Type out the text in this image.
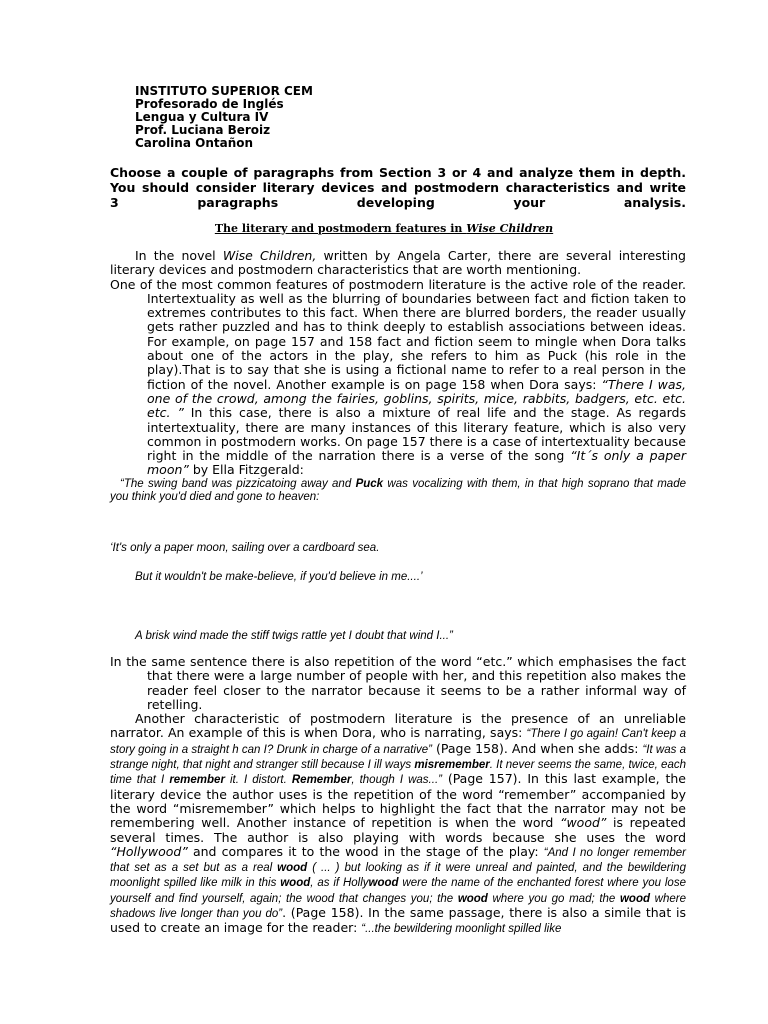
INSTITUTO SUPERIOR CEM
Profesorado de Inglés
Lengua y Cultura IV
Prof. Luciana Beroiz
Carolina Ontañon
Choose a couple of paragraphs from Section 3 or 4 and analyze them in depth. You should consider literary devices and postmodern characteristics and write
3	paragraphs	developing	your	analysis.
The literary and postmodern features in Wise Children
In the novel Wise Children, written by Angela Carter, there are several interesting literary devices and postmodern characteristics that are worth mentioning.
One of the most common features of postmodern literature is the active role of the reader. Intertextuality as well as the blurring of boundaries between fact and fiction taken to extremes contributes to this fact. When there are blurred borders, the reader usually gets rather puzzled and has to think deeply to establish associations between ideas. For example, on page 157 and 158 fact and fiction seem to mingle when Dora talks about one of the actors in the play, she refers to him as Puck (his role in the play).That is to say that she is using a fictional name to refer to a real person in the fiction of the novel. Another example is on page 158 when Dora says: “There I was, one of the crowd, among the fairies, goblins, spirits, mice, rabbits, badgers, etc. etc. etc. ” In this case, there is also a mixture of real life and the stage. As regards intertextuality, there are many instances of this literary feature, which is also very common in postmodern works. On page 157 there is a case of intertextuality because right in the middle of the narration there is a verse of the song “It´s only a paper moon” by Ella Fitzgerald:
“The swing band was pizzicatoing away and Puck was vocalizing with them, in that high soprano that made you think you'd died and gone to heaven:
‘It's only a paper moon, sailing over a cardboard sea.
But it wouldn't be make-believe, if you'd believe in me....’
A brisk wind made the stiff twigs rattle yet I doubt that wind I...”
In the same sentence there is also repetition of the word “etc.” which emphasises the fact that there were a large number of people with her, and this repetition also makes the reader feel closer to the narrator because it seems to be a rather informal way of retelling.
Another characteristic of postmodern literature is the presence of an unreliable narrator. An example of this is when Dora, who is narrating, says: “There I go again! Can't keep a story going in a straight h can I? Drunk in charge of a narrative” (Page 158). And when she adds: “It was a strange night, that night and stranger still because I ill ways misremember. It never seems the same, twice, each time that I remember it. I distort. Remember, though I was...” (Page 157). In this last example, the literary device the author uses is the repetition of the word “remember” accompanied by the word “misremember” which helps to highlight the fact that the narrator may not be remembering well. Another instance of repetition is when the word “wood” is repeated several times. The author is also playing with words because she uses the word “Hollywood” and compares it to the wood in the stage of the play: “And I no longer remember that set as a set but as a real wood ( ... ) but looking as if it were unreal and painted, and the bewildering moonlight spilled like milk in this wood, as if Hollywood were the name of the enchanted forest where you lose yourself and find yourself, again; the wood that changes you; the wood where you go mad; the wood where shadows live longer than you do”. (Page 158). In the same passage, there is also a simile that is used to create an image for the reader: “...the bewildering moonlight spilled like
